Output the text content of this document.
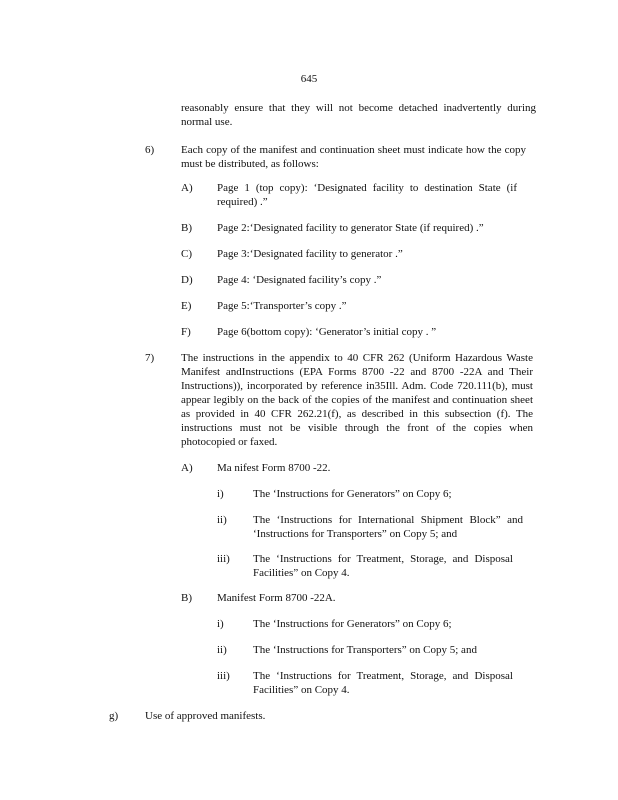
645
reasonably ensure that they will not become detached inadvertently during normal use.
6) Each copy of the manifest and continuation sheet must indicate how the copy must be distributed, as follows:
A) Page 1 (top copy): ‘Designated facility to destination State (if required) .”
B) Page 2:‘Designated facility to generator State (if required) .”
C) Page 3:‘Designated facility to generator .”
D) Page 4: ‘Designated facility’s copy .”
E) Page 5:‘Transporter’s copy .”
F) Page 6(bottom copy): ‘Generator’s initial copy . ”
7) The instructions in the appendix to 40 CFR 262 (Uniform Hazardous Waste Manifest andInstructions (EPA Forms 8700 -22 and 8700 -22A and Their Instructions)), incorporated by reference in35Ill. Adm. Code 720.111(b), must appear legibly on the back of the copies of the manifest and continuation sheet as provided in 40 CFR 262.21(f), as described in this subsection (f). The instructions must not be visible through the front of the copies when photocopied or faxed.
A) Ma nifest Form 8700 -22.
i)	The ‘Instructions for Generators” on Copy 6;
ii) The ‘Instructions for International Shipment Block” and ‘Instructions for Transporters” on Copy 5; and
iii) The ‘Instructions for Treatment, Storage, and Disposal Facilities” on Copy 4.
B) Manifest Form 8700 -22A.
i)	The ‘Instructions for Generators” on Copy 6;
ii) The ‘Instructions for Transporters” on Copy 5; and
iii) The ‘Instructions for Treatment, Storage, and Disposal Facilities” on Copy 4.
g) Use of approved manifests.
